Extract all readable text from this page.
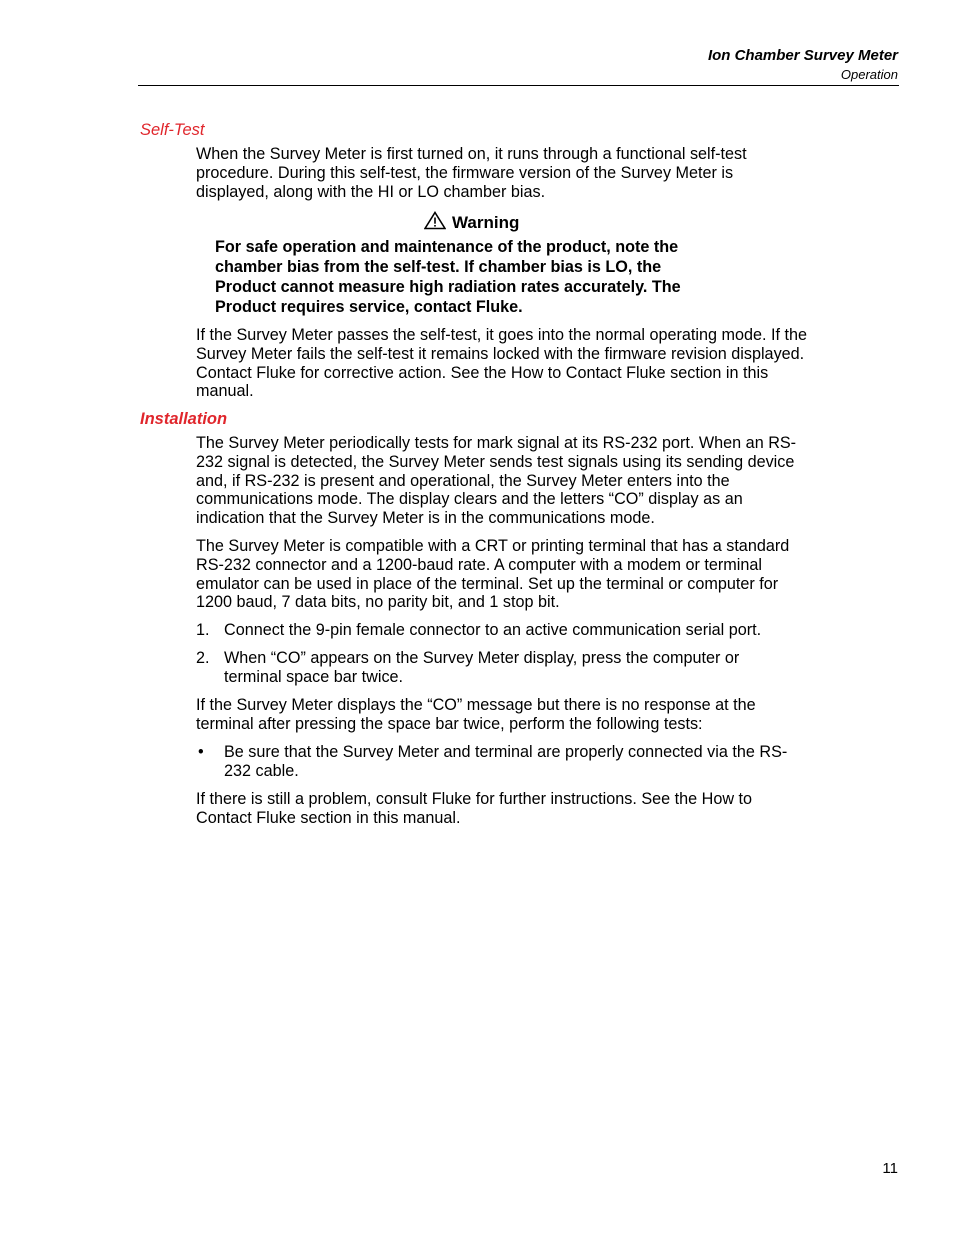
Ion Chamber Survey Meter
Operation
Self-Test
When the Survey Meter is first turned on, it runs through a functional self-test procedure. During this self-test, the firmware version of the Survey Meter is displayed, along with the HI or LO chamber bias.
Warning
For safe operation and maintenance of the product, note the chamber bias from the self-test. If chamber bias is LO, the Product cannot measure high radiation rates accurately. The Product requires service, contact Fluke.
If the Survey Meter passes the self-test, it goes into the normal operating mode. If the Survey Meter fails the self-test it remains locked with the firmware revision displayed. Contact Fluke for corrective action. See the How to Contact Fluke section in this manual.
Installation
The Survey Meter periodically tests for mark signal at its RS-232 port. When an RS-232 signal is detected, the Survey Meter sends test signals using its sending device and, if RS-232 is present and operational, the Survey Meter enters into the communications mode. The display clears and the letters “CO” display as an indication that the Survey Meter is in the communications mode.
The Survey Meter is compatible with a CRT or printing terminal that has a standard RS-232 connector and a 1200-baud rate. A computer with a modem or terminal emulator can be used in place of the terminal. Set up the terminal or computer for 1200 baud, 7 data bits, no parity bit, and 1 stop bit.
1. Connect the 9-pin female connector to an active communication serial port.
2. When “CO” appears on the Survey Meter display, press the computer or terminal space bar twice.
If the Survey Meter displays the “CO” message but there is no response at the terminal after pressing the space bar twice, perform the following tests:
• Be sure that the Survey Meter and terminal are properly connected via the RS-232 cable.
If there is still a problem, consult Fluke for further instructions. See the How to Contact Fluke section in this manual.
11
